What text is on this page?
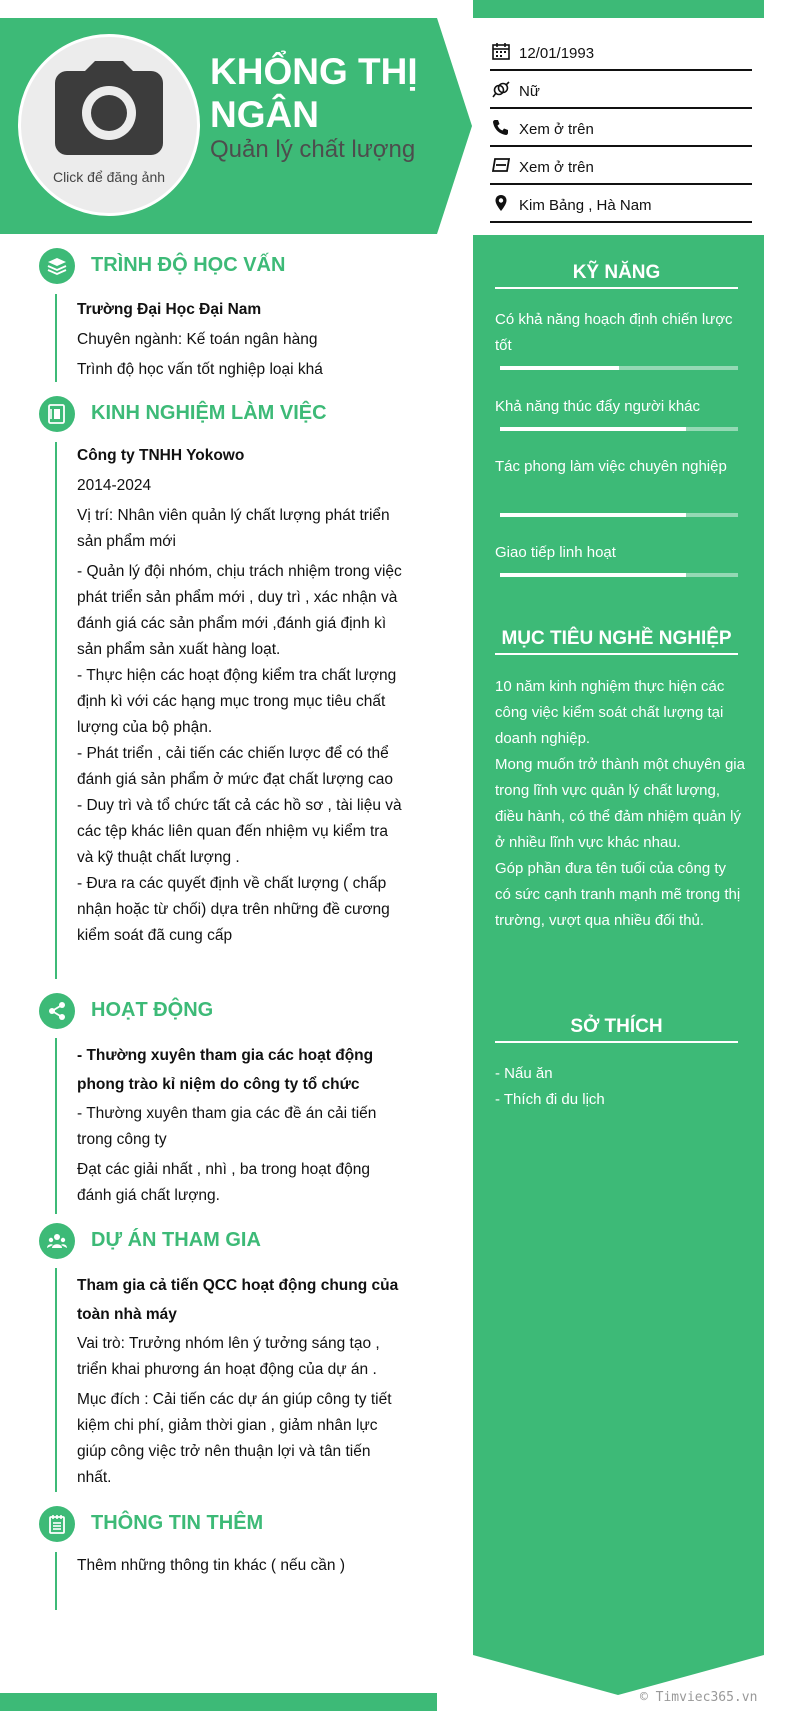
Click để đăng ảnh
KHỔNG THỊ NGÂN
Quản lý chất lượng
12/01/1993
Nữ
Xem ở trên
Xem ở trên
Kim Bảng , Hà Nam
KỸ NĂNG
Có khả năng hoạch định chiến lược tốt
Khả năng thúc đẩy người khác
Tác phong làm việc chuyên nghiệp
Giao tiếp linh hoạt
MỤC TIÊU NGHỀ NGHIỆP
10 năm kinh nghiệm thực hiện các công việc kiểm soát chất lượng tại doanh nghiệp.
Mong muốn trở thành một chuyên gia trong lĩnh vực quản lý chất lượng, điều hành, có thể đảm nhiệm quản lý ở nhiều lĩnh vực khác nhau.
Góp phần đưa tên tuổi của công ty có sức cạnh tranh mạnh mẽ trong thị trường, vượt qua nhiều đối thủ.
SỞ THÍCH
- Nấu ăn
- Thích đi du lịch
TRÌNH ĐỘ HỌC VẤN

Trường Đại Học Đại Nam

Chuyên ngành: Kế toán ngân hàng

Trình độ học vấn tốt nghiệp loại khá

KINH NGHIỆM LÀM VIỆC

Công ty TNHH Yokowo

2014-2024

Vị trí: Nhân viên quản lý chất lượng phát triển sản phẩm mới

- Quản lý đội nhóm, chịu trách nhiệm trong việc phát triển sản phẩm mới , duy trì , xác nhận và đánh giá các sản phẩm mới ,đánh giá định kì sản phẩm sản xuất hàng loạt.

- Thực hiện các hoạt động kiểm tra chất lượng định kì với các hạng mục trong mục tiêu chất lượng của bộ phận.

- Phát triển , cải tiến các chiến lược để có thể đánh giá sản phẩm ở mức đạt chất lượng cao

- Duy trì và tổ chức tất cả các hồ sơ , tài liệu và các tệp khác liên quan đến nhiệm vụ kiểm tra và kỹ thuật chất lượng .

- Đưa ra các quyết định về chất lượng ( chấp nhận hoặc từ chối) dựa trên những đề cương kiểm soát đã cung cấp

HOẠT ĐỘNG

- Thường xuyên tham gia các hoạt động phong trào kỉ niệm do công ty tổ chức

- Thường xuyên tham gia các đề án cải tiến trong công ty

Đạt các giải nhất , nhì , ba trong hoạt động đánh giá chất lượng.

DỰ ÁN THAM GIA

Tham gia cả tiến QCC hoạt động chung của toàn nhà máy

Vai trò: Trưởng nhóm lên ý tưởng sáng tạo , triển khai phương án hoạt động của dự án .

Mục đích : Cải tiến các dự án giúp công ty tiết kiệm chi phí, giảm thời gian , giảm nhân lực giúp công việc trở nên thuận lợi và tân tiến nhất.

THÔNG TIN THÊM

Thêm những thông tin khác ( nếu cần )

© Timviec365.vn
